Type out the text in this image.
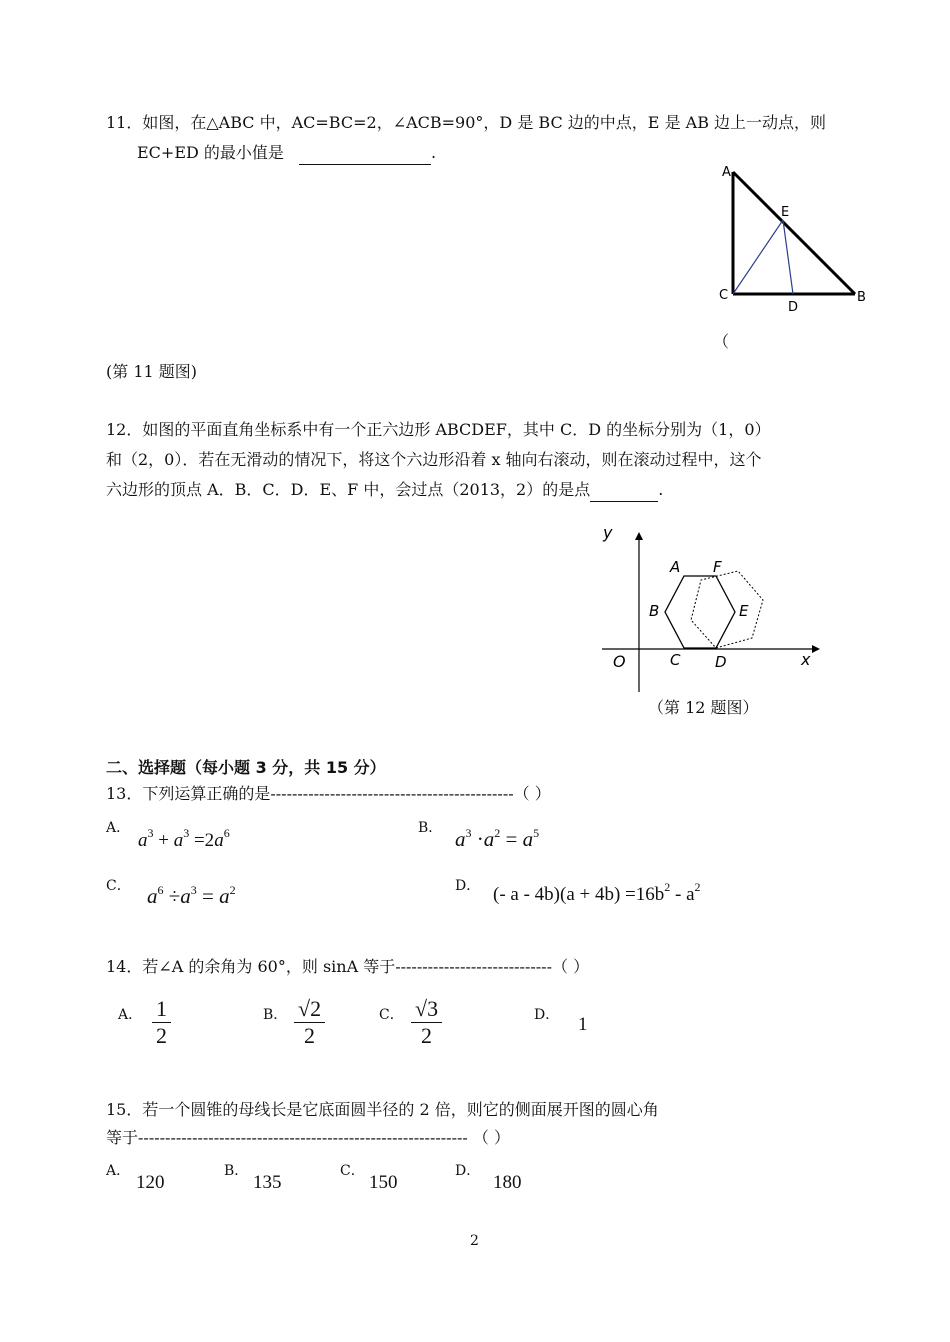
11．如图，在△ABC 中，AC=BC=2，∠ACB=90°，D 是 BC 边的中点，E 是 AB 边上一动点，则
EC+ED 的最小值是	.
A
E
C
D
B
（
(第 11 题图)
12．如图的平面直角坐标系中有一个正六边形 ABCDEF，其中 C．D 的坐标分别为（1，0）
和（2，0）．若在无滑动的情况下，将这个六边形沿着 x 轴向右滚动，则在滚动过程中，这个
六边形的顶点 A．B．C．D．E、F 中，会过点（2013，2）的是点	.
y
x
O
A F
B	E
C D
（第 12 题图）
二、选择题（每小题 3 分，共 15 分）
13．下列运算正确的是---------------------------------------------（ ）
A．
$a^3 + a^3 =2a^6$	B． $a^3 \cdot a^2 = a^5$
C． $a^6 \div a^3 = a^2$	D． (- $a - 4b)(a + 4b) =16b^2 - a^2$
14．若∠A 的余角为 60°，则 sinA 等于-----------------------------（ ）
A． $\frac{1}{2}$	B． $\frac{√2}{2}$	C． $\frac{√3}{2}$	D． 1
15．若一个圆锥的母线长是它底面圆半径的 2 倍，则它的侧面展开图的圆心角
等于------------------------------------------------------------- （ ）
A．
120
B．
135
C．
150
D．
180
2
